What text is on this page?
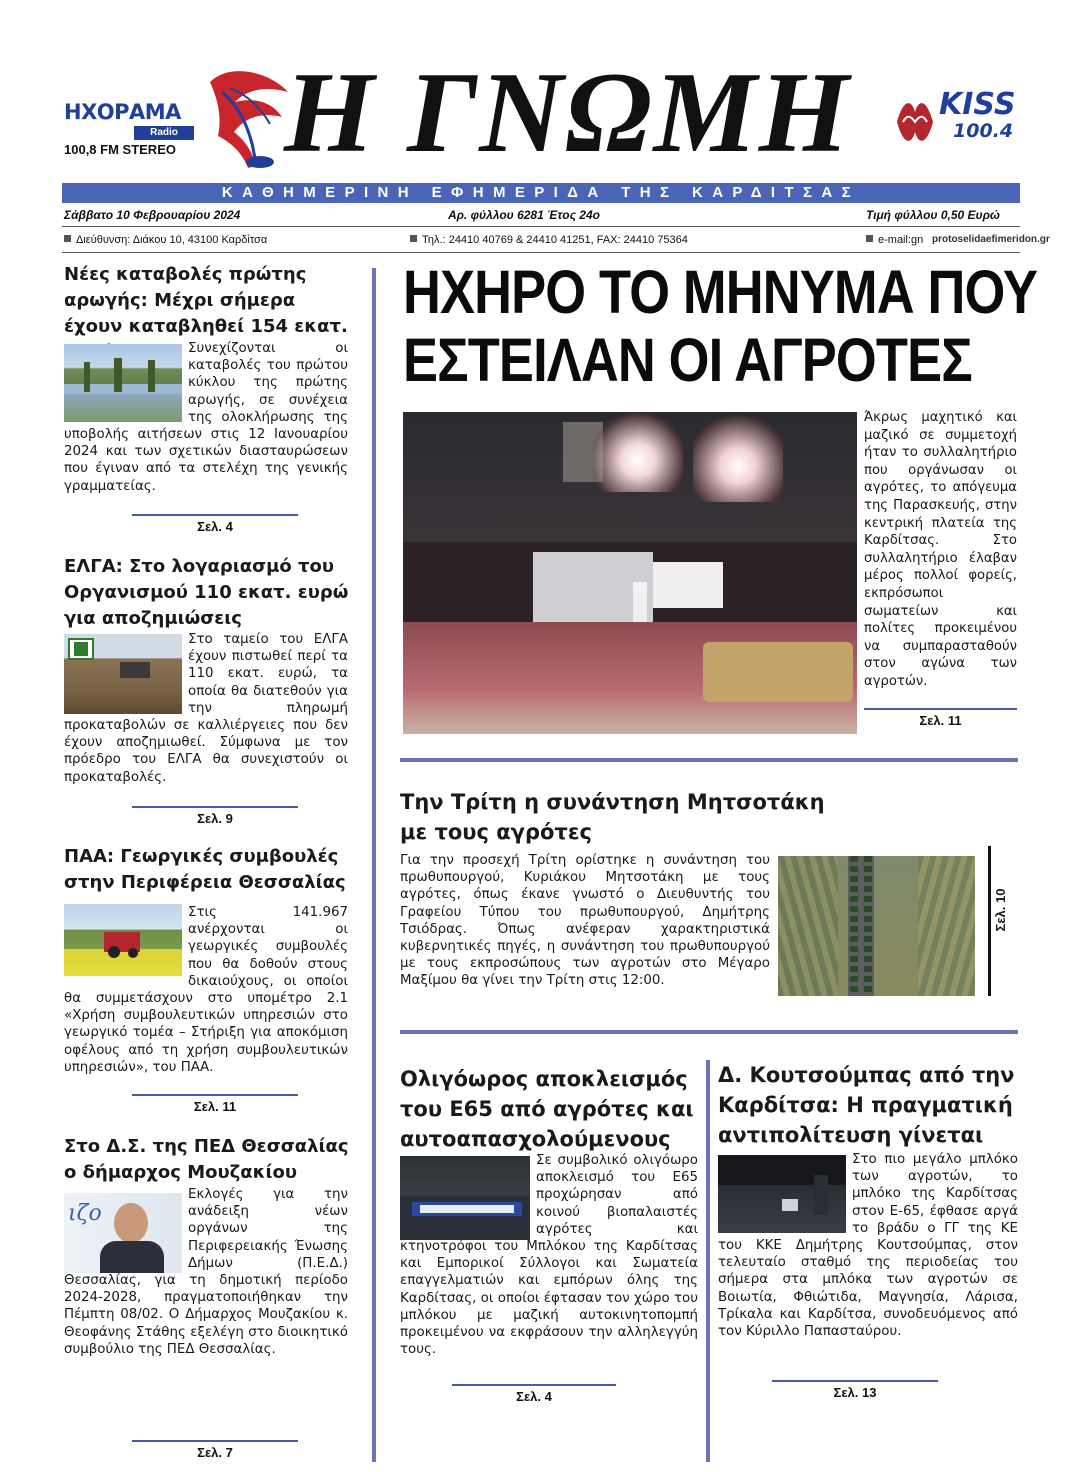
ΗΧΟΡΑΜΑ
Radio
100,8 FM STEREO Η ΓΝΩΜΗ	KISS
100.4
ΚΑΘΗΜΕΡΙΝΗ ΕΦΗΜΕΡΙΔΑ ΤΗΣ ΚΑΡΔΙΤΣΑΣ
Σάββατο 10 Φεβρουαρίου 2024	Αρ. φύλλου 6281 Έτος 24ο	Τιμή φύλλου 0,50 Ευρώ
Διεύθυνση: Διάκου 10, 43100 Καρδίτσα	Τηλ.: 24410 40769 & 24410 41251, FAX: 24410 75364	e-mail:gn protoselidaefimeridon.gr
Νέες καταβολές πρώτης αρωγής: Μέχρι σήμερα έχουν καταβληθεί 154 εκατ.
Συνεχίζονται οι καταβολές του πρώτου κύκλου της πρώτης αρωγής, σε συνέχεια της ολοκλήρωσης της υποβολής αιτήσεων στις 12 Ιανουαρίου 2024 και των σχετικών διασταυρώσεων που έγιναν από τα στελέχη της γενικής γραμματείας.
Σελ. 4
ΕΛΓΑ: Στο λογαριασμό του Οργανισμού 110 εκατ. ευρώ για αποζημιώσεις
Στο ταμείο του ΕΛΓΑ έχουν πιστωθεί περί τα 110 εκατ. ευρώ, τα οποία θα διατεθούν για την πληρωμή προκαταβολών σε καλλιέργειες που δεν έχουν αποζημιωθεί. Σύμφωνα με τον πρόεδρο του ΕΛΓΑ θα συνεχιστούν οι προκαταβολές.
Σελ. 9
ΠΑΑ: Γεωργικές συμβουλές στην Περιφέρεια Θεσσαλίας
Στις 141.967 ανέρχονται οι γεωργικές συμβουλές που θα δοθούν στους δικαιούχους, οι οποίοι θα συμμετάσχουν στο υπομέτρο 2.1 «Χρήση συμβουλευτικών υπηρεσιών στο γεωργικό τομέα – Στήριξη για αποκόμιση οφέλους από τη χρήση συμβουλευτικών υπηρεσιών», του ΠΑΑ.
Σελ. 11
Στο Δ.Σ. της ΠΕΔ Θεσσαλίας ο δήμαρχος Μουζακίου
ιζο
Εκλογές για την ανάδειξη νέων οργάνων της Περιφερειακής Ένωσης Δήμων (Π.Ε.Δ.) Θεσσαλίας, για τη δημοτική περίοδο 2024-2028, πραγματοποιήθηκαν την Πέμπτη 08/02. Ο Δήμαρχος Μουζακίου κ. Θεοφάνης Στάθης εξελέγη στο διοικητικό συμβούλιο της ΠΕΔ Θεσσαλίας.
Σελ. 7
ΗΧΗΡΟ ΤΟ ΜΗΝΥΜΑ ΠΟΥ
ΕΣΤΕΙΛΑΝ ΟΙ ΑΓΡΟΤΕΣ
Άκρως μαχητικό και μαζικό σε συμμετοχή ήταν το συλλαλητήριο που οργάνωσαν οι αγρότες, το απόγευμα της Παρασκευής, στην κεντρική πλατεία της Καρδίτσας. Στο συλλαλητήριο έλαβαν μέρος πολλοί φορείς, εκπρόσωποι σωματείων και πολίτες προκειμένου να συμπαρασταθούν στον αγώνα των αγροτών.
Σελ. 11
Την Τρίτη η συνάντηση Μητσοτάκη
με τους αγρότες
Για την προσεχή Τρίτη ορίστηκε η συνάντηση του πρωθυπουργού, Κυριάκου Μητσοτάκη με τους αγρότες, όπως έκανε γνωστό ο Διευθυντής του Γραφείου Τύπου του πρωθυπουργού, Δημήτρης Τσιόδρας. Όπως ανέφεραν χαρακτηριστικά κυβερνητικές πηγές, η συνάντηση του πρωθυπουργού με τους εκπροσώπους των αγροτών στο Μέγαρο Μαξίμου θα γίνει την Τρίτη στις 12:00.
Σελ. 10
Ολιγόωρος αποκλεισμός
του Ε65 από αγρότες και
αυτοαπασχολούμενους
Σε συμβολικό ολιγόωρο αποκλεισμό του Ε65 προχώρησαν από κοινού βιοπαλαιστές αγρότες και κτηνοτρόφοι του Μπλόκου της Καρδίτσας και Εμπορικοί Σύλλογοι και Σωματεία επαγγελματιών και εμπόρων όλης της Καρδίτσας, οι οποίοι έφτασαν τον χώρο του μπλόκου με μαζική αυτοκινητοπομπή προκειμένου να εκφράσουν την αλληλεγγύη τους.
Σελ. 4
Δ. Κουτσούμπας από την
Καρδίτσα: Η πραγματική
αντιπολίτευση γίνεται
Στο πιο μεγάλο μπλόκο των αγροτών, το μπλόκο της Καρδίτσας στον Ε-65, έφθασε αργά το βράδυ ο ΓΓ της ΚΕ του ΚΚΕ Δημήτρης Κουτσούμπας, στον τελευταίο σταθμό της περιοδείας του σήμερα στα μπλόκα των αγροτών σε Βοιωτία, Φθιώτιδα, Μαγνησία, Λάρισα, Τρίκαλα και Καρδίτσα, συνοδευόμενος από τον Κύριλλο Παπασταύρου.
Σελ. 13
